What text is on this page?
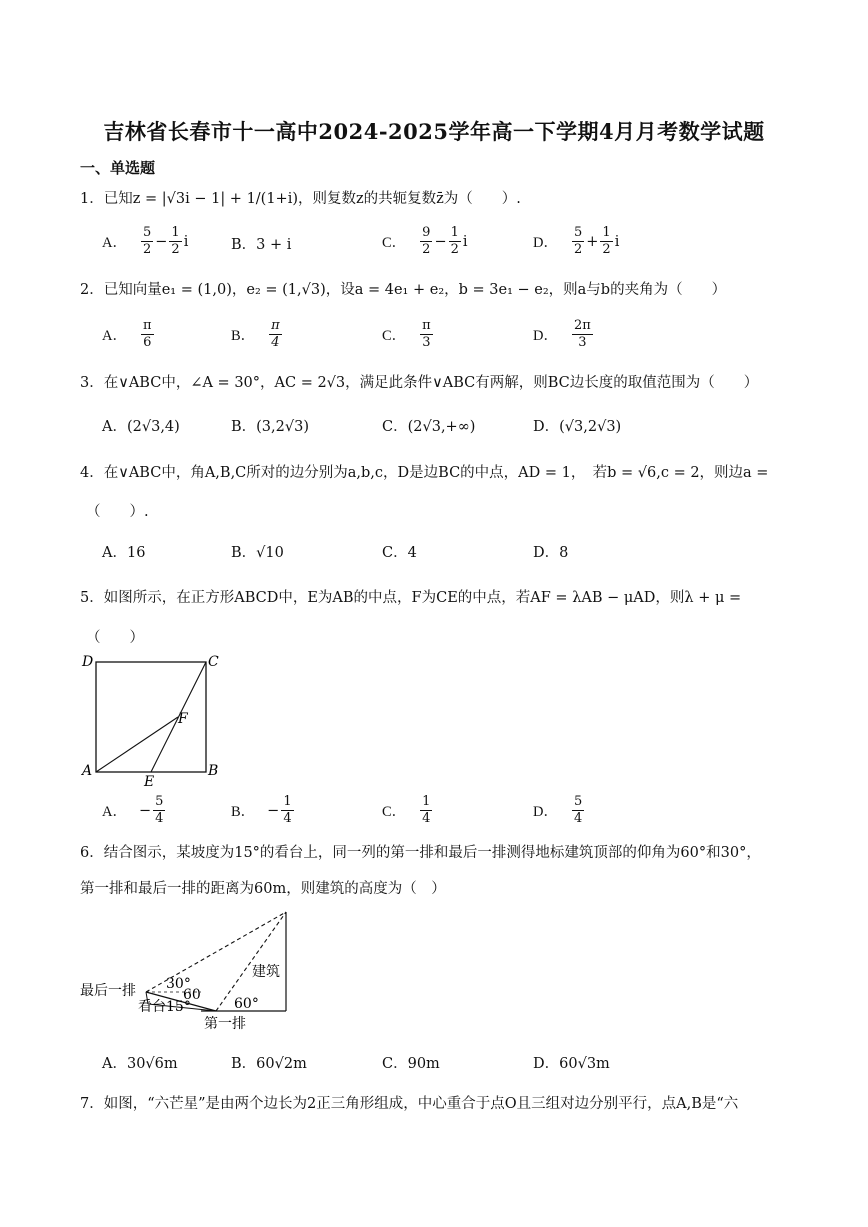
吉林省长春市十一高中2024-2025学年高一下学期4月月考数学试题
一、单选题
1．已知z = |√3i − 1| + 1/(1+i)，则复数z的共轭复数z̄为（　　）.
A． $\frac{5}{2} - \frac{1}{2}$ i	B．3 + i	C． $\frac{9}{2} - \frac{1}{2}$ i	D． $\frac{5}{2} + \frac{1}{2}$ i
2．已知向量e₁ = (1,0)，e₂ = (1,√3)，设a = 4e₁ + e₂，b = 3e₁ − e₂，则a与b的夹角为（　　）
A． $\frac{\pi}{6}$	B． $\frac{\pi}{4}$	C． $\frac{\pi}{3}$	D． $\frac{2\pi}{3}$
3．在∨ABC中，∠A = 30°，AC = 2√3，满足此条件∨ABC有两解，则BC边长度的取值范围为（　　）
A．(2√3,4)	B．(3,2√3)	C．(2√3,+∞)	D．(√3,2√3)
4．在∨ABC中，角A,B,C所对的边分别为a,b,c，D是边BC的中点，AD = 1，　若b = √6,c = 2，则边a =
（　　）.
A．16	B．√10	C．4	D．8
5．如图所示，在正方形ABCD中，E为AB的中点，F为CE的中点，若AF = λAB − μAD，则λ + μ =
（　　）
D	C
A	B
E
F
A． − $\frac{5}{4}$	B． − $\frac{1}{4}$	C． $\frac{1}{4}$	D． $\frac{5}{4}$
6．结合图示，某坡度为15°的看台上，同一列的第一排和最后一排测得地标建筑顶部的仰角为60°和30°，
第一排和最后一排的距离为60m，则建筑的高度为（　）
最后一排
看台 15°
30°
60
60°
建筑
第一排
A．30√6m	B．60√2m	C．90m	D．60√3m
7．如图，“六芒星”是由两个边长为2正三角形组成，中心重合于点O且三组对边分别平行，点A,B是“六
